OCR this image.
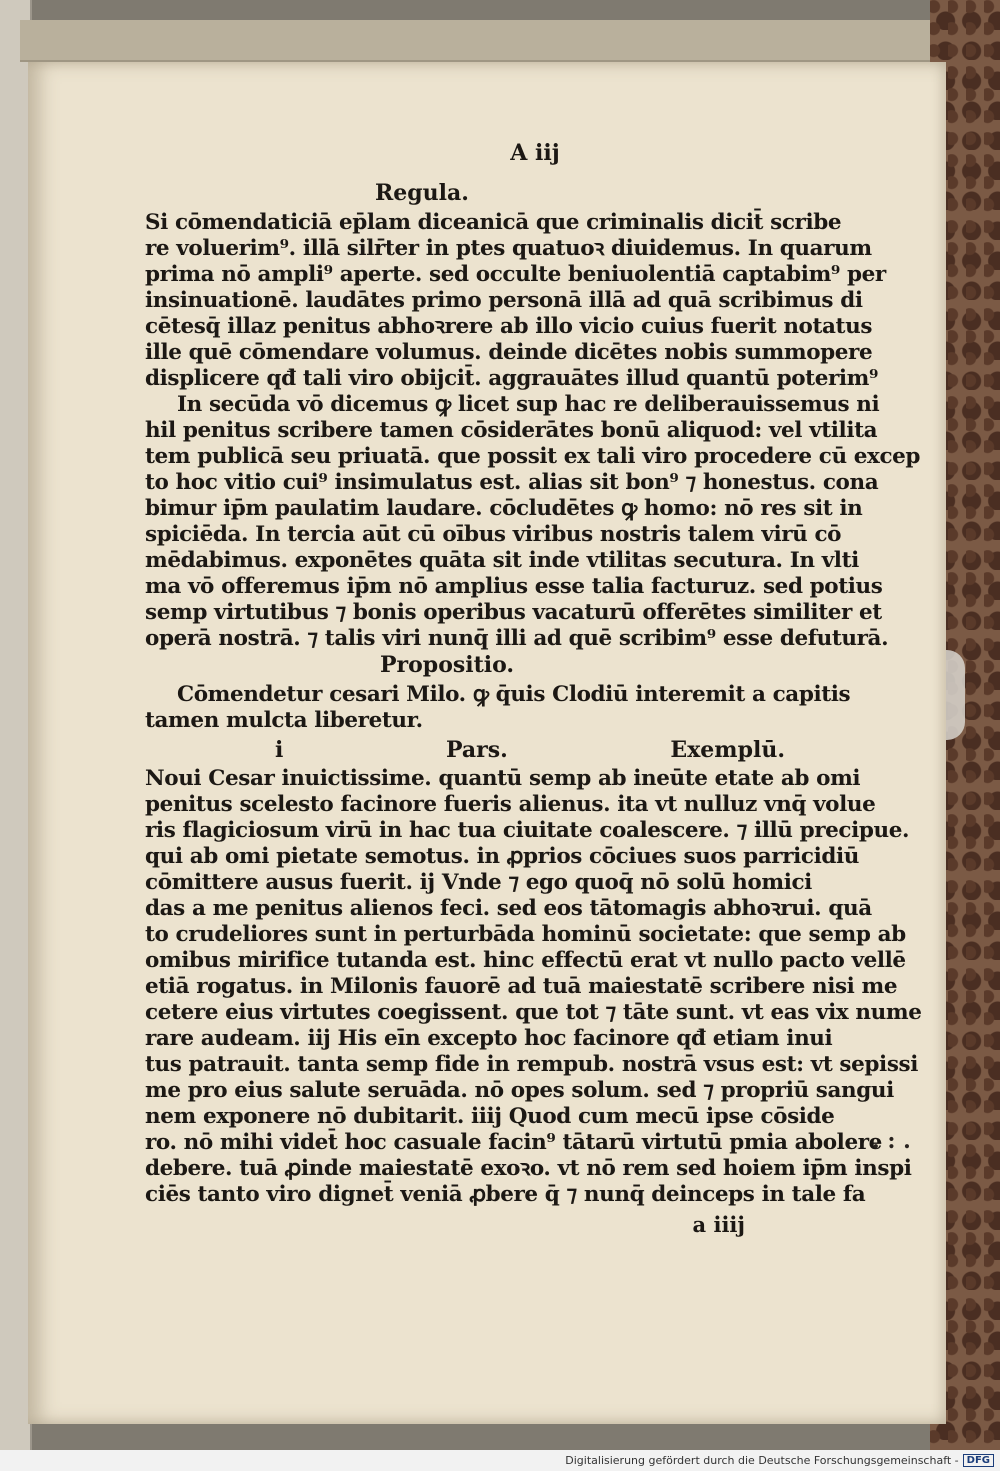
A iij
Regula.
Si cōmendaticiā ep̄lam diceanicā que criminalis dicit̄ scribe
re voluerim⁹. illā silr̄ter in ptes quatuoꝛ diuidemus. In quarum
prima nō ampli⁹ aperte. sed occulte beniuolentiā captabim⁹ per
insinuationē. laudātes primo personā illā ad quā scribimus di
cētesq̄ illaz penitus abhoꝛrere ab illo vicio cuius fuerit notatus
ille quē cōmendare volumus. deinde dicētes nobis summopere
displicere qđ tali viro obijcit̄. aggrauātes illud quantū poterim⁹
In secūda vō dicemus ꝙ licet sup hac re deliberauissemus ni
hil penitus scribere tamen cōsiderātes bonū aliquod: vel vtilita
tem publicā seu priuatā. que possit ex tali viro procedere cū excep
to hoc vitio cui⁹ insimulatus est. alias sit bon⁹ ⁊ honestus. cona
bimur ip̄m paulatim laudare. cōcludētes ꝙ homo: nō res sit in
spiciēda. In tercia aūt cū oībus viribus nostris talem virū cō
mēdabimus. exponētes quāta sit inde vtilitas secutura. In vlti
ma vō offeremus ip̄m nō amplius esse talia facturuz. sed potius
semp virtutibus ⁊ bonis operibus vacaturū offerētes similiter et
operā nostrā. ⁊ talis viri nunq̄ illi ad quē scribim⁹ esse defuturā.
Propositio.
Cōmendetur cesari Milo. ꝙ q̄uis Clodiū interemit a capitis
tamen mulcta liberetur.
i	Pars.	Exemplū.
Noui Cesar inuictissime. quantū semp ab ineūte etate ab omi
penitus scelesto facinore fueris alienus. ita vt nulluz vnq̄ volue
ris flagiciosum virū in hac tua ciuitate coalescere. ⁊ illū precipue.
qui ab omi pietate semotus. in ꝓprios cōciues suos parricidiū
cōmittere ausus fuerit. ij Vnde ⁊ ego quoq̄ nō solū homici
das a me penitus alienos feci. sed eos tātomagis abhoꝛrui. quā
to crudeliores sunt in perturbāda hominū societate: que semp ab
omibus mirifice tutanda est. hinc effectū erat vt nullo pacto vellē
etiā rogatus. in Milonis fauorē ad tuā maiestatē scribere nisi me
cetere eius virtutes coegissent. que tot ⁊ tāte sunt. vt eas vix nume
rare audeam. iij His eīn excepto hoc facinore qđ etiam inui
tus patrauit. tanta semp fide in rempub. nostrā vsus est: vt sepissi
me pro eius salute seruāda. nō opes solum. sed ⁊ propriū sangui
nem exponere nō dubitarit. iiij Quod cum mecū ipse cōside
ro. nō mihi videt̄ hoc casuale facin⁹ tātarū virtutū pmia abolere
debere. tuā ꝓinde maiestatē exoꝛo. vt nō rem sed hoiem ip̄m inspi
ciēs tanto viro dignet̄ veniā ꝓbere q̄ ⁊ nunq̄ deinceps in tale fa
a iiij
. : .
Digitalisierung gefördert durch die Deutsche Forschungsgemeinschaft - DFG
